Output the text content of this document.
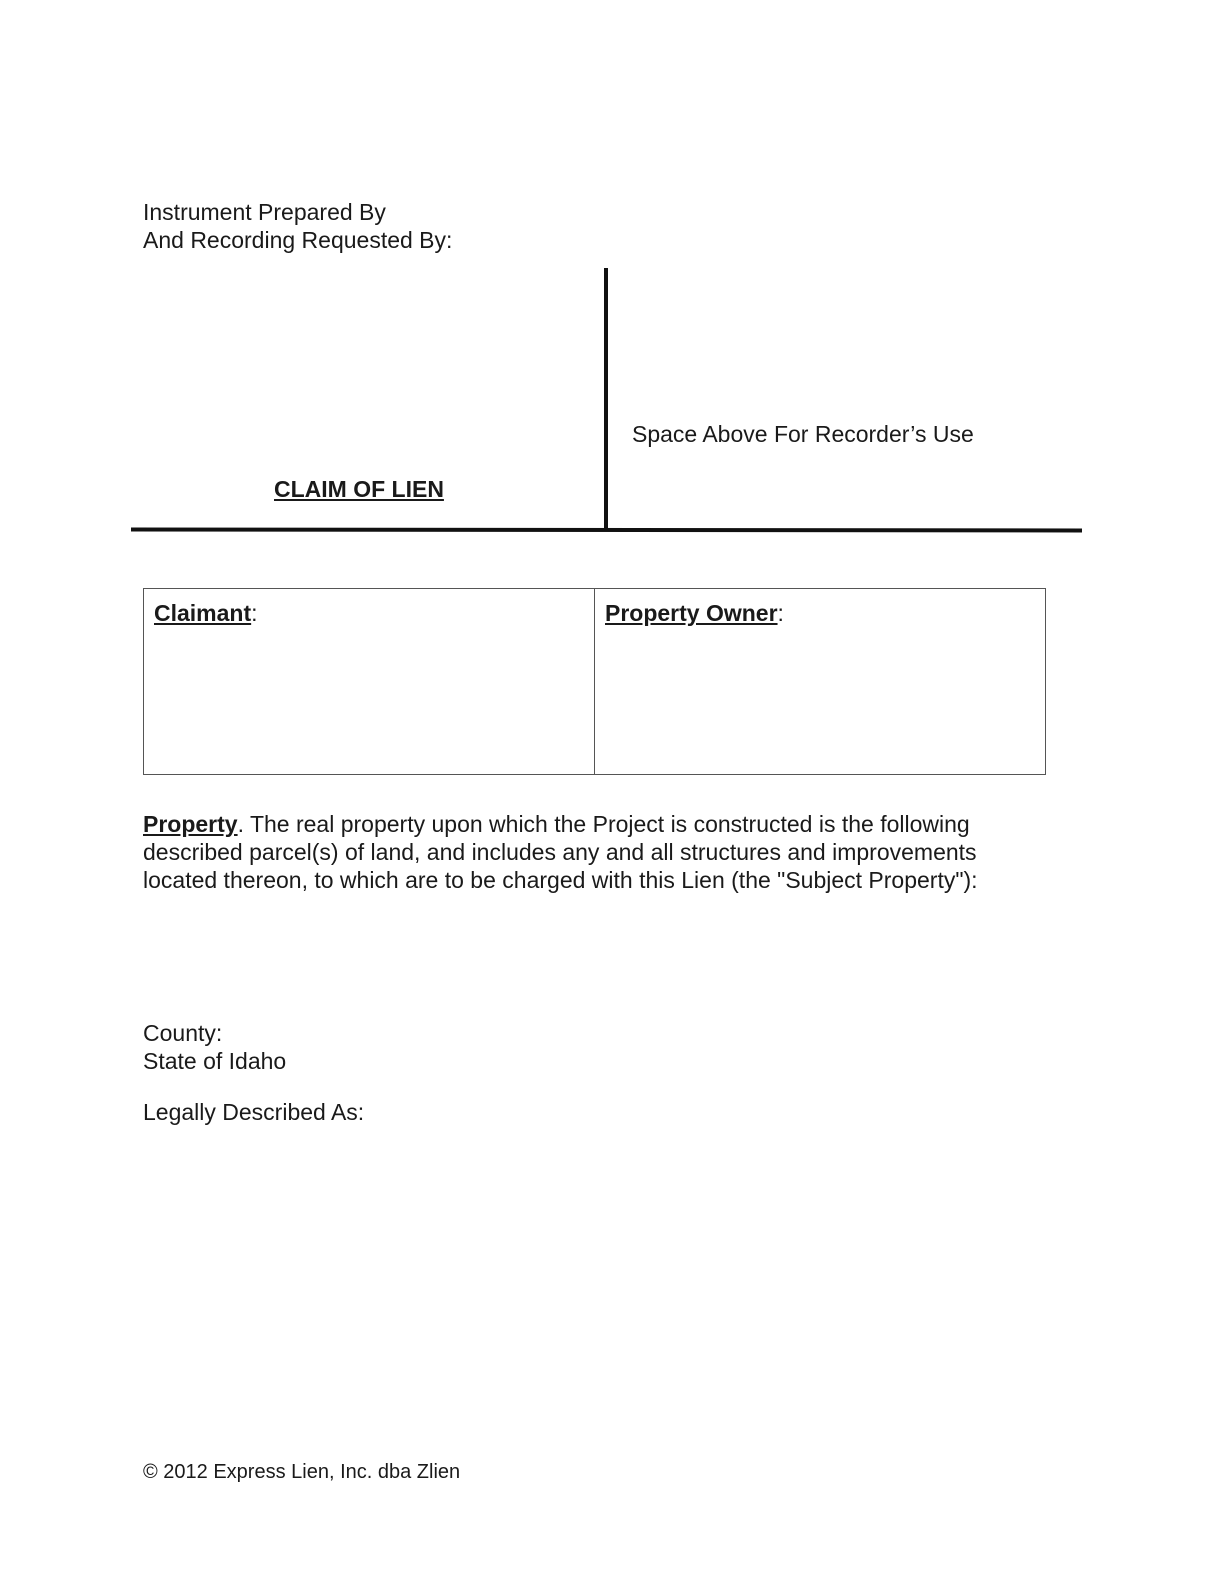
Instrument Prepared By
And Recording Requested By:
Space Above For Recorder’s Use
CLAIM OF LIEN
Claimant:	Property Owner:
Property. The real property upon which the Project is constructed is the following
described parcel(s) of land, and includes any and all structures and improvements
located thereon, to which are to be charged with this Lien (the "Subject Property"):
County:
State of Idaho
Legally Described As:
© 2012 Express Lien, Inc. dba Zlien
